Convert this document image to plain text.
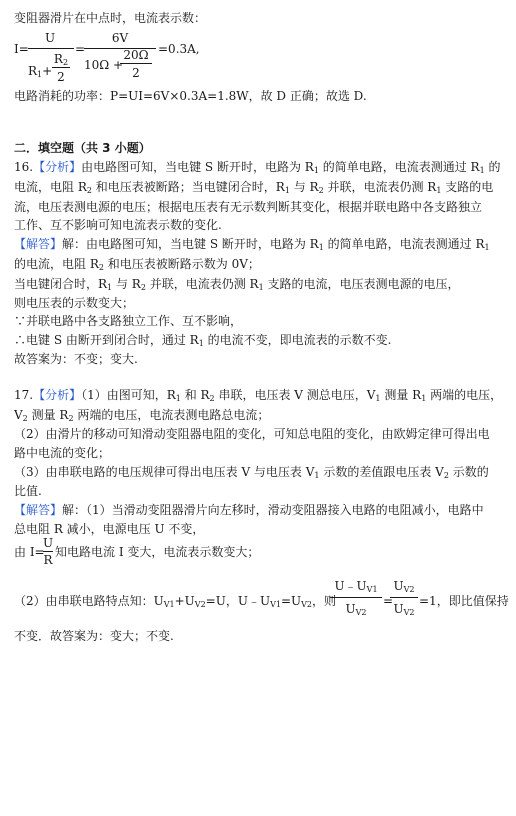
变阻器滑片在中点时，电流表示数：
I=
U
$R_1+$
$R_2$
2
=
6V
10Ω +
20Ω
2
=0.3A,
电路消耗的功率：P=UI=6V×0.3A=1.8W，故 D 正确；故选 D.
二．填空题（共 3 小题）
16.【分析】由电路图可知，当电键 S 断开时，电路为 $R_1$ 的简单电路，电流表测通过 $R_1$ 的
电流，电阻 $R_2$ 和电压表被断路；当电键闭合时，$R_1$ 与 $R_2$ 并联，电流表仍测 $R_1$ 支路的电
流，电压表测电源的电压；根据电压表有无示数判断其变化，根据并联电路中各支路独立
工作、互不影响可知电流表示数的变化.
【解答】解：由电路图可知，当电键 S 断开时，电路为 $R_1$ 的简单电路，电流表测通过 $R_1$
的电流，电阻 $R_2$ 和电压表被断路示数为 0V；
当电键闭合时，$R_1$ 与 $R_2$ 并联，电流表仍测 $R_1$ 支路的电流，电压表测电源的电压，
则电压表的示数变大；
∵并联电路中各支路独立工作、互不影响，
∴电键 S 由断开到闭合时，通过 $R_1$ 的电流不变，即电流表的示数不变.
故答案为：不变；变大.
17.【分析】（1）由图可知，$R_1$ 和 $R_2$ 串联，电压表 V 测总电压，$V_1$ 测量 $R_1$ 两端的电压，
$V_2$ 测量 $R_2$ 两端的电压，电流表测电路总电流；
（2）由滑片的移动可知滑动变阻器电阻的变化，可知总电阻的变化，由欧姆定律可得出电
路中电流的变化；
（3）由串联电路的电压规律可得出电压表 V 与电压表 $V_1$ 示数的差值跟电压表 $V_2$ 示数的
比值.
【解答】解：（1）当滑动变阻器滑片向左移时，滑动变阻器接入电路的电阻减小，电路中
总电阻 R 减小，电源电压 U 不变，
由 I=
U
R
知电路电流 I 变大，电流表示数变大；
（2）由串联电路特点知：$U_{V1}+U_{V2}=U$，$U﹣U_{V1}=U_{V2}$，则
$U﹣U_{V1}$
$U_{V2}$
=
$U_{V2}$
$U_{V2}$
=1，即比值保持
不变．故答案为：变大；不变.
